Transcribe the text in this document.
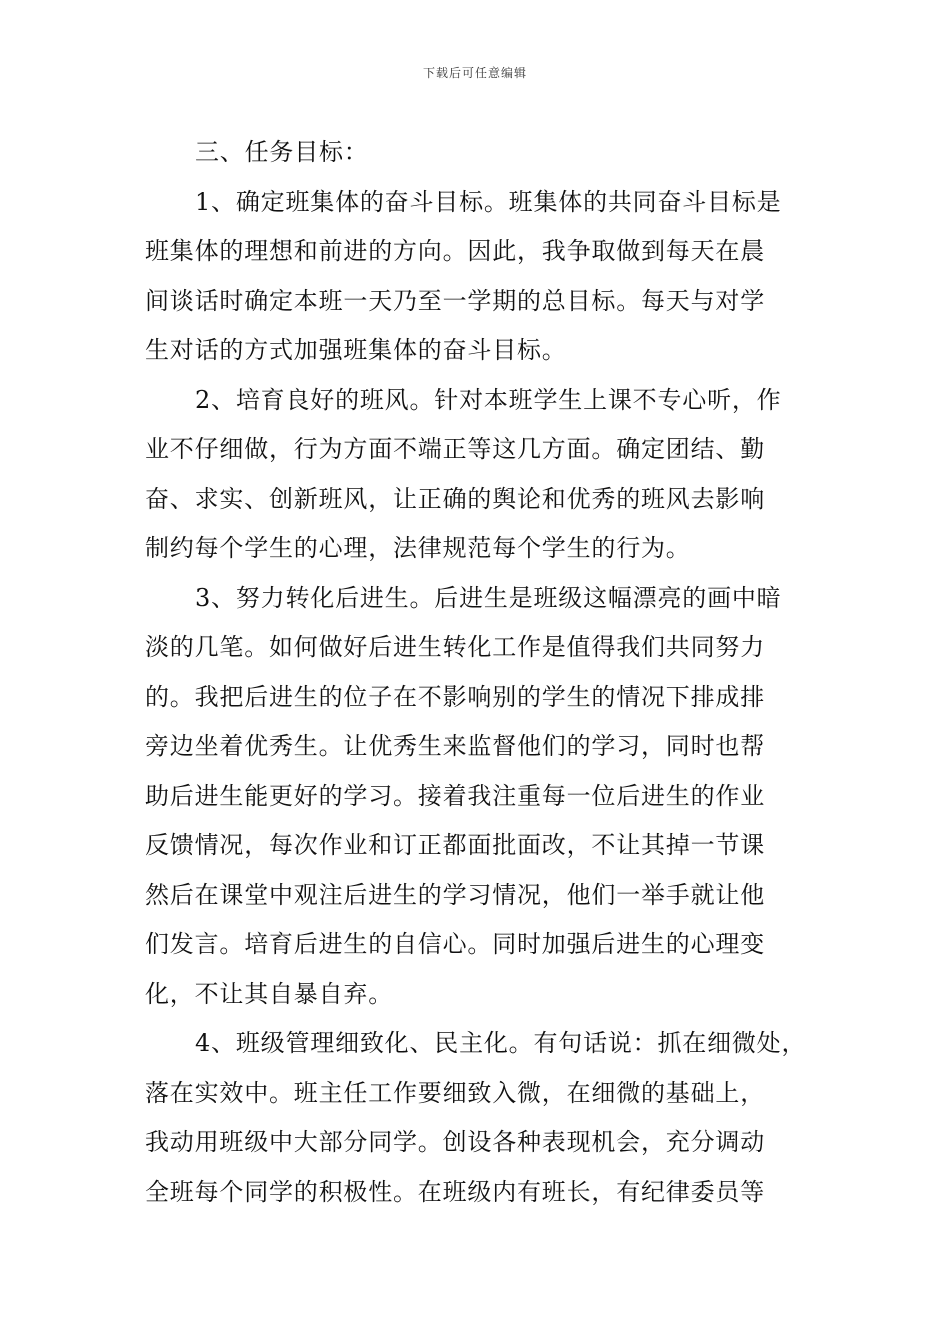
下载后可任意编辑
三、任务目标：
1、确定班集体的奋斗目标。班集体的共同奋斗目标是
班集体的理想和前进的方向。因此，我争取做到每天在晨
间谈话时确定本班一天乃至一学期的总目标。每天与对学
生对话的方式加强班集体的奋斗目标。
2、培育良好的班风。针对本班学生上课不专心听，作
业不仔细做，行为方面不端正等这几方面。确定团结、勤
奋、求实、创新班风，让正确的舆论和优秀的班风去影响
制约每个学生的心理，法律规范每个学生的行为。
3、努力转化后进生。后进生是班级这幅漂亮的画中暗
淡的几笔。如何做好后进生转化工作是值得我们共同努力
的。我把后进生的位子在不影响别的学生的情况下排成排
旁边坐着优秀生。让优秀生来监督他们的学习，同时也帮
助后进生能更好的学习。接着我注重每一位后进生的作业
反馈情况，每次作业和订正都面批面改，不让其掉一节课
然后在课堂中观注后进生的学习情况，他们一举手就让他
们发言。培育后进生的自信心。同时加强后进生的心理变
化，不让其自暴自弃。
4、班级管理细致化、民主化。有句话说：抓在细微处，
落在实效中。班主任工作要细致入微，在细微的基础上，
我动用班级中大部分同学。创设各种表现机会，充分调动
全班每个同学的积极性。在班级内有班长，有纪律委员等
